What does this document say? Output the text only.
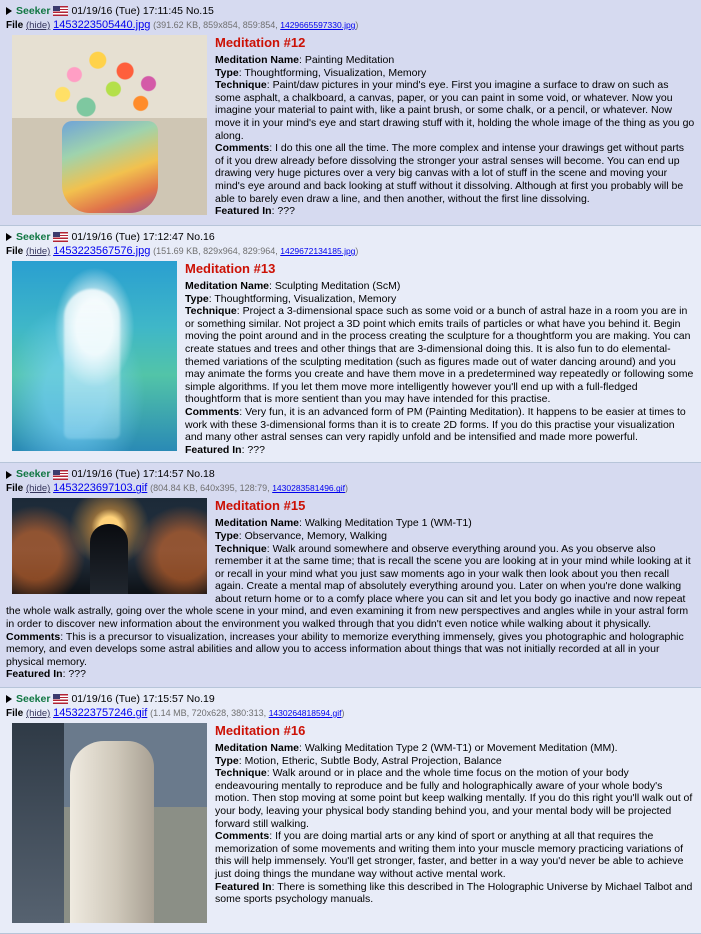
Seeker 01/19/16 (Tue) 17:11:45 No.15
File (hide) 1453223505440.jpg (391.62 KB, 859x854, 859:854, 1429665597330.jpg)
Meditation #12

Meditation Name: Painting Meditation

Type: Thoughtforming, Visualization, Memory

Technique: Paint/daw pictures in your mind's eye. First you imagine a surface to draw on such as some asphalt, a chalkboard, a canvas, paper, or you can paint in some void, or whatever. Now you imagine your material to paint with, like a paint brush, or some chalk, or a pencil, or whatever. Now move it in your mind's eye and start drawing stuff with it, holding the whole image of the thing as you go along.

Comments: I do this one all the time. The more complex and intense your drawings get without parts of it you drew already before dissolving the stronger your astral senses will become. You can end up drawing very huge pictures over a very big canvas with a lot of stuff in the scene and moving your mind's eye around and back looking at stuff without it dissolving. Although at first you probably will be able to barely even draw a line, and then another, without the first line dissolving.

Featured In: ???

Seeker 01/19/16 (Tue) 17:12:47 No.16
File (hide) 1453223567576.jpg (151.69 KB, 829x964, 829:964, 1429672134185.jpg)
Meditation #13

Meditation Name: Sculpting Meditation (ScM)

Type: Thoughtforming, Visualization, Memory

Technique: Project a 3-dimensional space such as some void or a bunch of astral haze in a room you are in or something similar. Not project a 3D point which emits trails of particles or what have you behind it. Begin moving the point around and in the process creating the sculpture for a thoughtform you are making. You can create statues and trees and other things that are 3-dimensional doing this. It is also fun to do elemental-themed variations of the sculpting meditation (such as figures made out of water dancing around) and you may animate the forms you create and have them move in a predetermined way repeatedly or following some simple algorithms. If you let them move more intelligently however you'll end up with a full-fledged thoughtform that is more sentient than you may have intended for this practise.

Comments: Very fun, it is an advanced form of PM (Painting Meditation). It happens to be easier at times to work with these 3-dimensional forms than it is to create 2D forms. If you do this practise your visualization and many other astral senses can very rapidly unfold and be intensified and made more powerful.

Featured In: ???

Seeker 01/19/16 (Tue) 17:14:57 No.18
File (hide) 1453223697103.gif (804.84 KB, 640x395, 128:79, 1430283581496.gif)
Meditation #15

Meditation Name: Walking Meditation Type 1 (WM-T1)

Type: Observance, Memory, Walking

Technique: Walk around somewhere and observe everything around you. As you observe also remember it at the same time; that is recall the scene you are looking at in your mind while looking at it or recall in your mind what you just saw moments ago in your walk then look about you then recall again. Create a mental map of absolutely everything around you. Later on when you're done walking about return home or to a comfy place where you can sit and let you body go inactive and now repeat the whole walk astrally, going over the whole scene in your mind, and even examining it from new perspectives and angles while in your astral form in order to discover new information about the environment you walked through that you didn't even notice while walking about it physically.

Comments: This is a precursor to visualization, increases your ability to memorize everything immensely, gives you photographic and holographic memory, and even develops some astral abilities and allow you to access information about things that was not initially recorded at all in your physical memory.

Featured In: ???

Seeker 01/19/16 (Tue) 17:15:57 No.19
File (hide) 1453223757246.gif (1.14 MB, 720x628, 380:313, 1430264818594.gif)
Meditation #16

Meditation Name: Walking Meditation Type 2 (WM-T1) or Movement Meditation (MM).

Type: Motion, Etheric, Subtle Body, Astral Projection, Balance

Technique: Walk around or in place and the whole time focus on the motion of your body endeavouring mentally to reproduce and be fully and holographically aware of your whole body's motion. Then stop moving at some point but keep walking mentally. If you do this right you'll walk out of your body, leaving your physical body standing behind you, and your mental body will be projected forward still walking.

Comments: If you are doing martial arts or any kind of sport or anything at all that requires the memorization of some movements and writing them into your muscle memory practicing variations of this will help immensely. You'll get stronger, faster, and better in a way you'd never be able to achieve just doing things the mundane way without active mental work.

Featured In: There is something like this described in The Holographic Universe by Michael Talbot and some sports psychology manuals.
